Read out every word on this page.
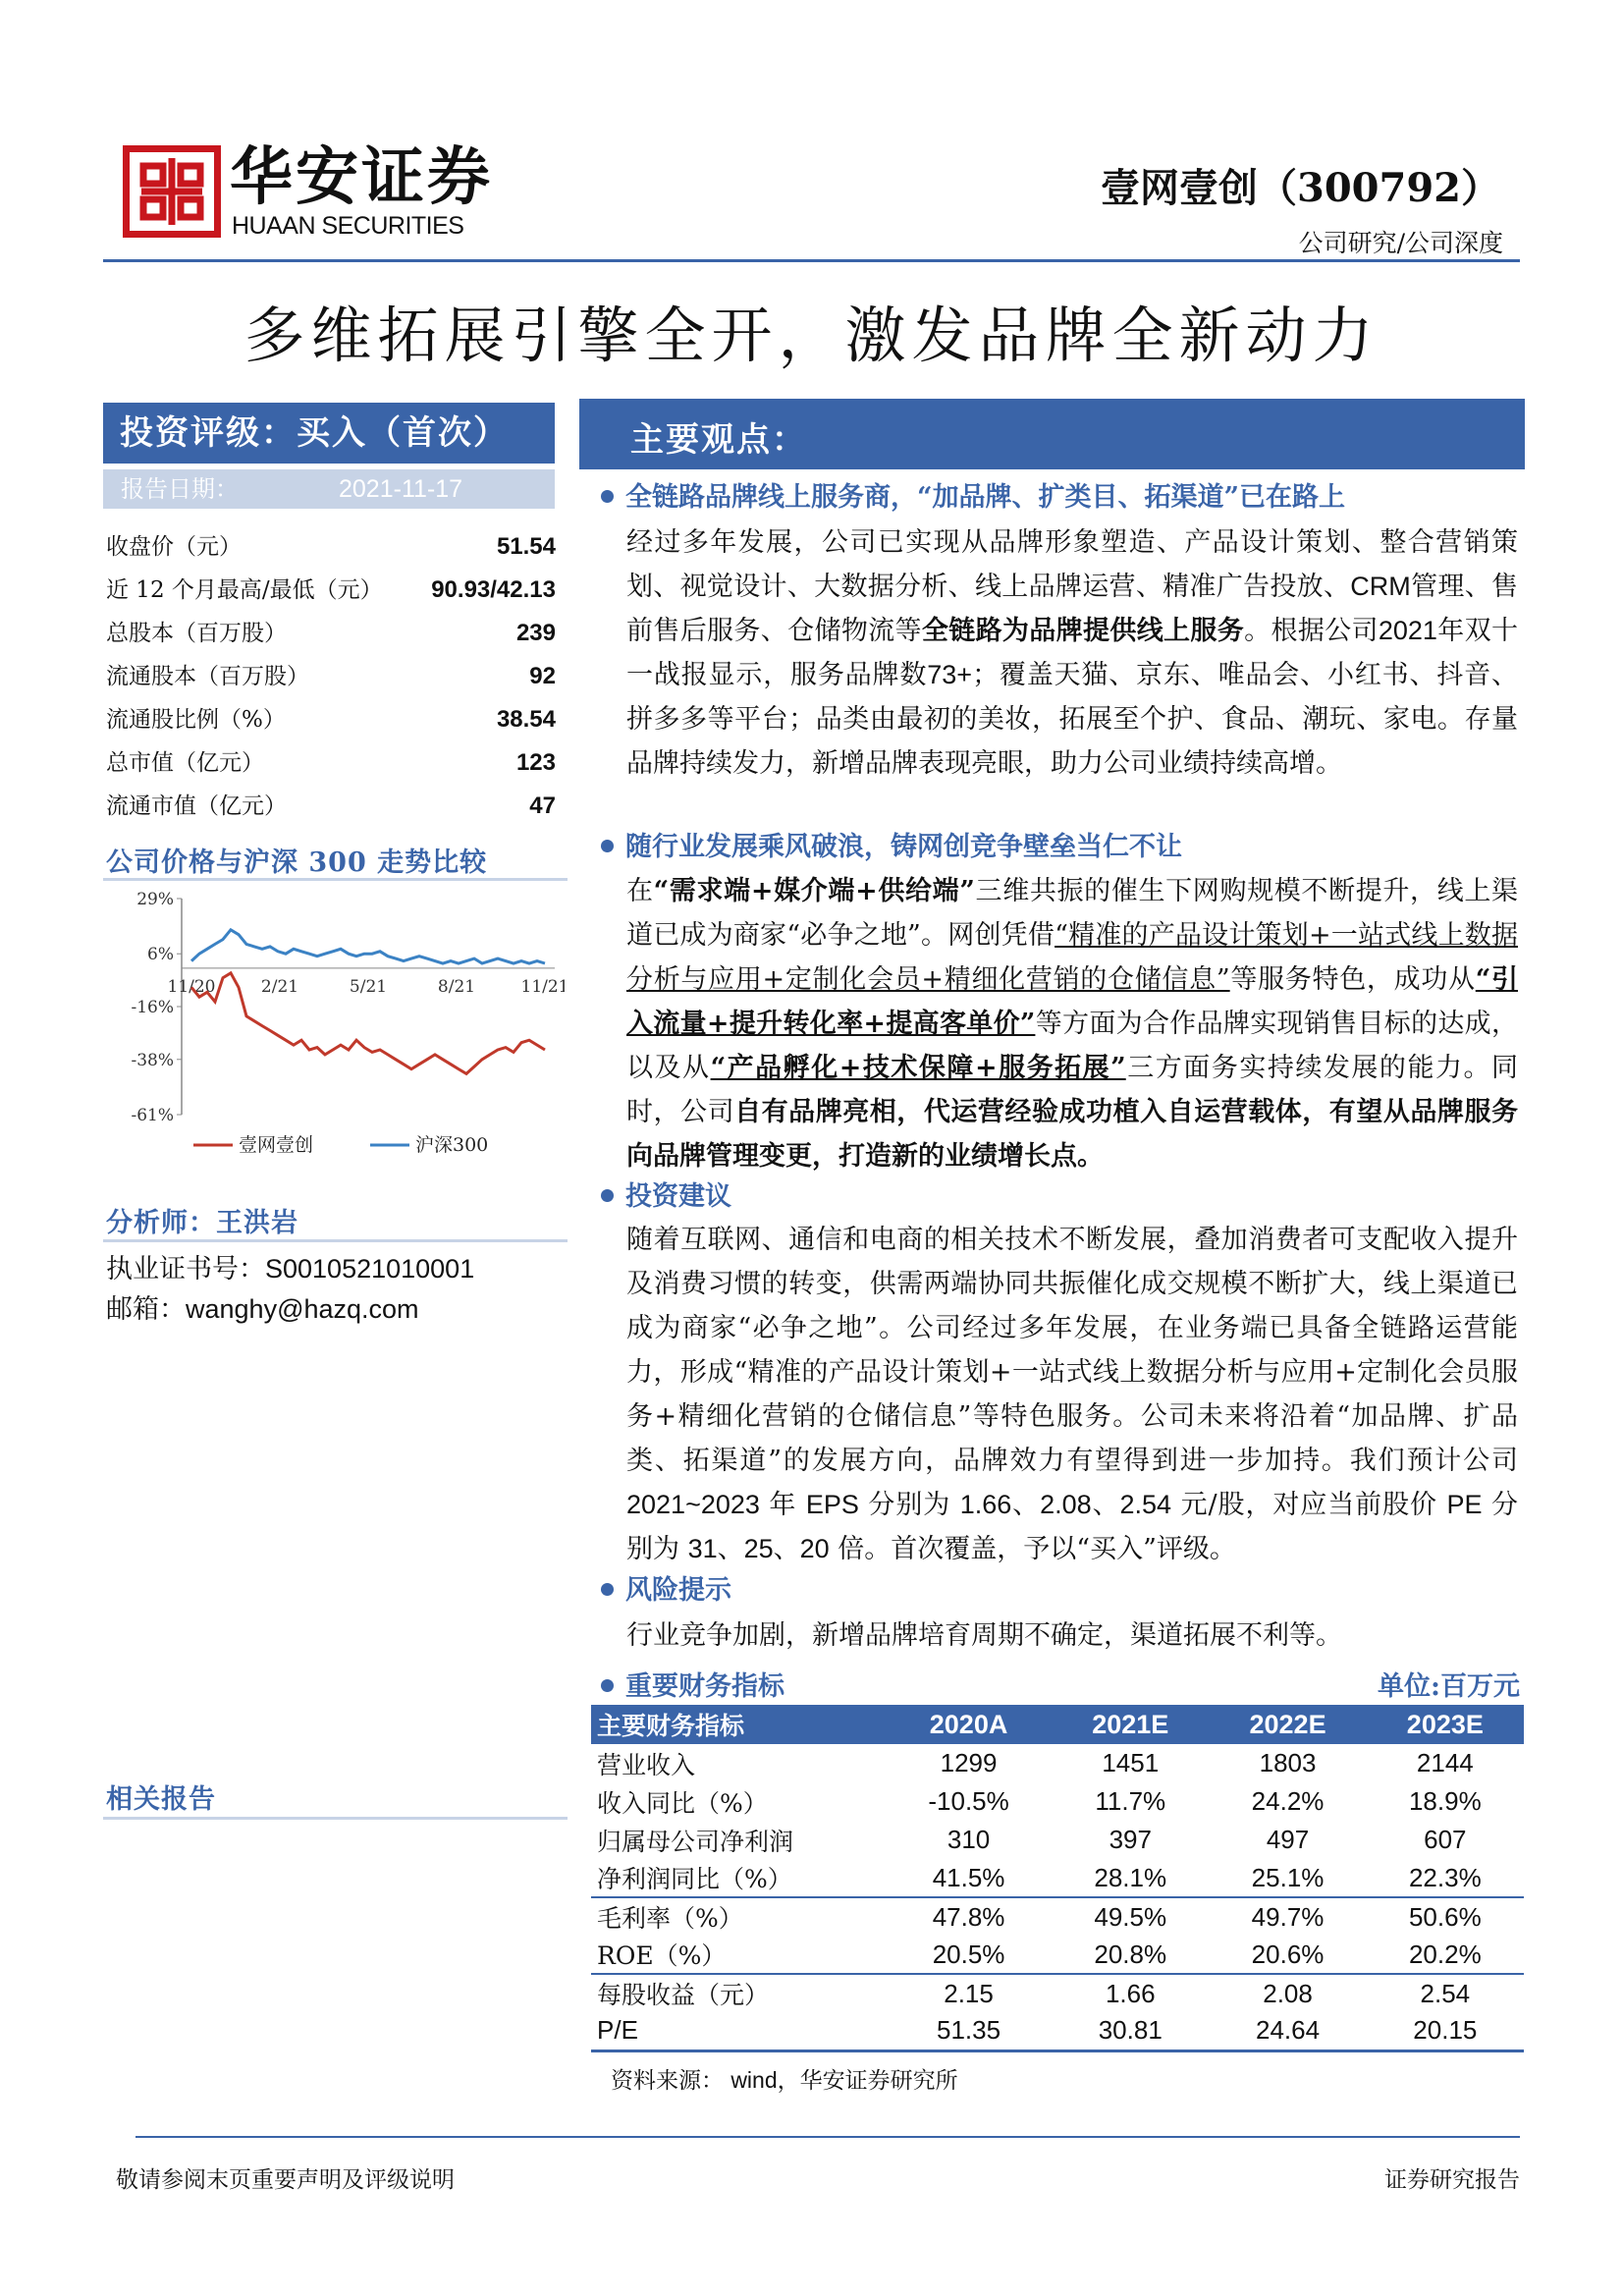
华安证券
HUAAN SECURITIES
壹网壹创（300792）
公司研究/公司深度
多维拓展引擎全开，激发品牌全新动力
投资评级：买入（首次）
报告日期：	2021-11-17
收盘价（元）	51.54
近 12 个月最高/最低（元） 90.93/42.13
总股本（百万股）	239
流通股本（百万股）	92
流通股比例（%）	38.54
总市值（亿元）	123
流通市值（亿元）	47
公司价格与沪深 300 走势比较
29%
6%
-16%
-38%
-61%
11/20	2/21	5/21	8/21	11/21
壹网壹创	沪深300
分析师：王洪岩
执业证书号：S0010521010001
邮箱：wanghy@hazq.com
相关报告
主要观点：
全链路品牌线上服务商，“加品牌、扩类目、拓渠道”已在路上
经过多年发展，公司已实现从品牌形象塑造、产品设计策划、整合营销策划、视觉设计、大数据分析、线上品牌运营、精准广告投放、CRM管理、售前售后服务、仓储物流等全链路为品牌提供线上服务。根据公司2021年双十一战报显示，服务品牌数73+；覆盖天猫、京东、唯品会、小红书、抖音、拼多多等平台；品类由最初的美妆，拓展至个护、食品、潮玩、家电。存量品牌持续发力，新增品牌表现亮眼，助力公司业绩持续高增。
随行业发展乘风破浪，铸网创竞争壁垒当仁不让
在“需求端+媒介端+供给端”三维共振的催生下网购规模不断提升，线上渠道已成为商家“必争之地”。网创凭借“精准的产品设计策划+一站式线上数据分析与应用+定制化会员+精细化营销的仓储信息”等服务特色，成功从“引入流量+提升转化率+提高客单价”等方面为合作品牌实现销售目标的达成，以及从“产品孵化+技术保障+服务拓展”三方面务实持续发展的能力。同时，公司自有品牌亮相，代运营经验成功植入自运营载体，有望从品牌服务向品牌管理变更，打造新的业绩增长点。
投资建议
随着互联网、通信和电商的相关技术不断发展，叠加消费者可支配收入提升及消费习惯的转变，供需两端协同共振催化成交规模不断扩大，线上渠道已成为商家“必争之地”。公司经过多年发展，在业务端已具备全链路运营能力，形成“精准的产品设计策划+一站式线上数据分析与应用+定制化会员服务+精细化营销的仓储信息”等特色服务。公司未来将沿着“加品牌、扩品类、拓渠道”的发展方向，品牌效力有望得到进一步加持。我们预计公司 2021~2023 年 EPS 分别为 1.66、2.08、2.54 元/股，对应当前股价 PE 分别为 31、25、20 倍。首次覆盖，予以“买入”评级。
风险提示
行业竞争加剧，新增品牌培育周期不确定，渠道拓展不利等。
重要财务指标	单位:百万元
主要财务指标	2020A	2021E	2022E	2023E
营业收入	1299	1451	1803	2144
收入同比（%）	-10.5%	11.7%	24.2%	18.9%
归属母公司净利润	310	397	497	607
净利润同比（%）	41.5%	28.1%	25.1%	22.3%
毛利率（%）	47.8%	49.5%	49.7%	50.6%
ROE（%）	20.5%	20.8%	20.6%	20.2%
每股收益（元）	2.15	1.66	2.08	2.54
P/E	51.35	30.81	24.64	20.15
资料来源： wind，华安证券研究所
敬请参阅末页重要声明及评级说明	证券研究报告
